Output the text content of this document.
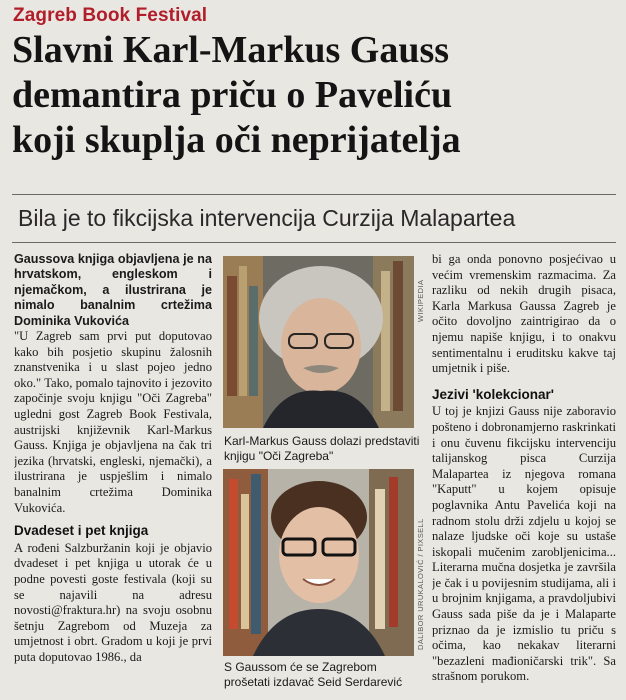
Zagreb Book Festival
Slavni Karl-Markus Gauss
demantira priču o Paveliću
koji skuplja oči neprijatelja
Bila je to fikcijska intervencija Curzija Malapartea

Gaussova knjiga objavljena je na hrvatskom, engleskom i njemačkom, a ilustrirana je nimalo banalnim crtežima Dominika Vukovića

"U Zagreb sam prvi put doputovao kako bih posjetio skupinu žalosnih znanstvenika i u slast pojeo jedno oko." Tako, pomalo tajnovito i jezovito započinje svoju knjigu "Oči Zagreba" ugledni gost Zagreb Book Festivala, austrijski književnik Karl-Markus Gauss. Knjiga je objavljena na čak tri jezika (hrvatski, engleski, njemački), a ilustrirana je uspješlim i nimalo banalnim crtežima Dominika Vukovića.

Dvadeset i pet knjiga

A rođeni Salzburžanin koji je objavio dvadeset i pet knjiga u utorak će u podne povesti goste festivala (koji su se najavili na adresu novosti@fraktura.hr) na svoju osobnu šetnju Zagrebom od Muzeja za umjetnost i obrt. Gradom u koji je prvi puta doputovao 1986., da

WIKIPEDIA
Karl-Markus Gauss dolazi predstaviti knjigu "Oči Zagreba"
DALIBOR URUKALOVIĆ / PIXSELL
S Gaussom će se Zagrebom prošetati izdavač Seid Serdarević

bi ga onda ponovno posjećivao u većim vremenskim razmacima. Za razliku od nekih drugih pisaca, Karla Markusa Gaussa Zagreb je očito dovoljno zaintrigirao da o njemu napiše knjigu, i to onakvu sentimentalnu i eruditsku kakve taj umjetnik i piše.

Jezivi 'kolekcionar'

U toj je knjizi Gauss nije zaboravio pošteno i dobronamjerno raskrinkati i onu čuvenu fikcijsku intervenciju talijanskog pisca Curzija Malapartea iz njegova romana "Kaputt" u kojem opisuje poglavnika Antu Pavelića koji na radnom stolu drži zdjelu u kojoj se nalaze ljudske oči koje su ustaše iskopali mučenim zarobljenicima... Literarna mučna dosjetka je završila je čak i u povijesnim studijama, ali i u brojnim knjigama, a pravdoljubivi Gauss sada piše da je i Malaparte priznao da je izmislio tu priču s očima, kao nekakav literarni "bezazleni mađioničarski trik". Sa strašnom porukom.
